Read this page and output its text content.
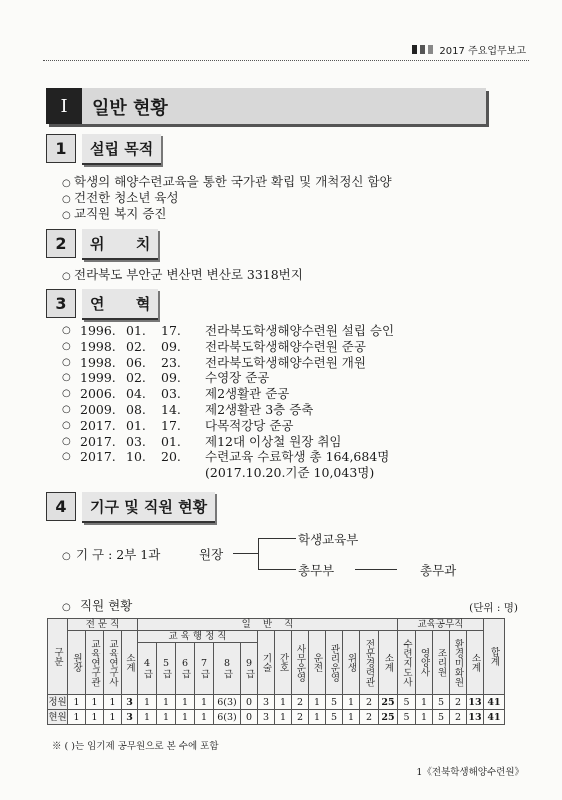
2017 주요업무보고
Ⅰ	일반 현황
1	설립 목적
○ 학생의 해양수련교육을 통한 국가관 확립 및 개척정신 함양
○ 건전한 청소년 육성
○ 교직원 복지 증진
2	위      치
○ 전라북도 부안군 변산면 변산로 3318번지
3	연      혁
○ 1996. 01.	17.	전라북도학생해양수련원 설립 승인
○ 1998. 02.	09.	전라북도학생해양수련원 준공
○ 1998. 06.	23.	전라북도학생해양수련원 개원
○ 1999. 02.	09.	수영장 준공
○ 2006. 04.	03.	제2생활관 준공
○ 2009. 08.	14.	제2생활관 3층 증축
○ 2017. 01.	17.	다목적강당 준공
○ 2017. 03.	01.	제12대 이상철 원장 취임
○ 2017. 10.	20.	수련교육 수료학생 총 164,684명
(2017.10.20.기준 10,043명)
4	기구 및 직원 현황
○ 기 구 : 2부 1과	원장
학생교육부
총무부	총무과
○ 직원 현황	(단위 : 명)
구분	전 문 직				일    반    직														교육공무직					합계
	원장	교육연구관	교육연구사	소계	교 육 행 정 직						기술	간호	사무운영	운전	관리운영	위생	전문경력관	소계	수련지도사	영양사	조리원	환경미화원	소계	
					4급	5급	6급	7급	8급	9급														
정원	1	1	1	3	1	1	1	1	6(3)	0	3	1	2	1	5	1	2	25	5	1	5	2	13	41
현원	1	1	1	3	1	1	1	1	6(3)	0	3	1	2	1	5	1	2	25	5	1	5	2	13	41
※ ( )는 임기제 공무원으로 본 수에 포함
1《전북학생해양수련원》
